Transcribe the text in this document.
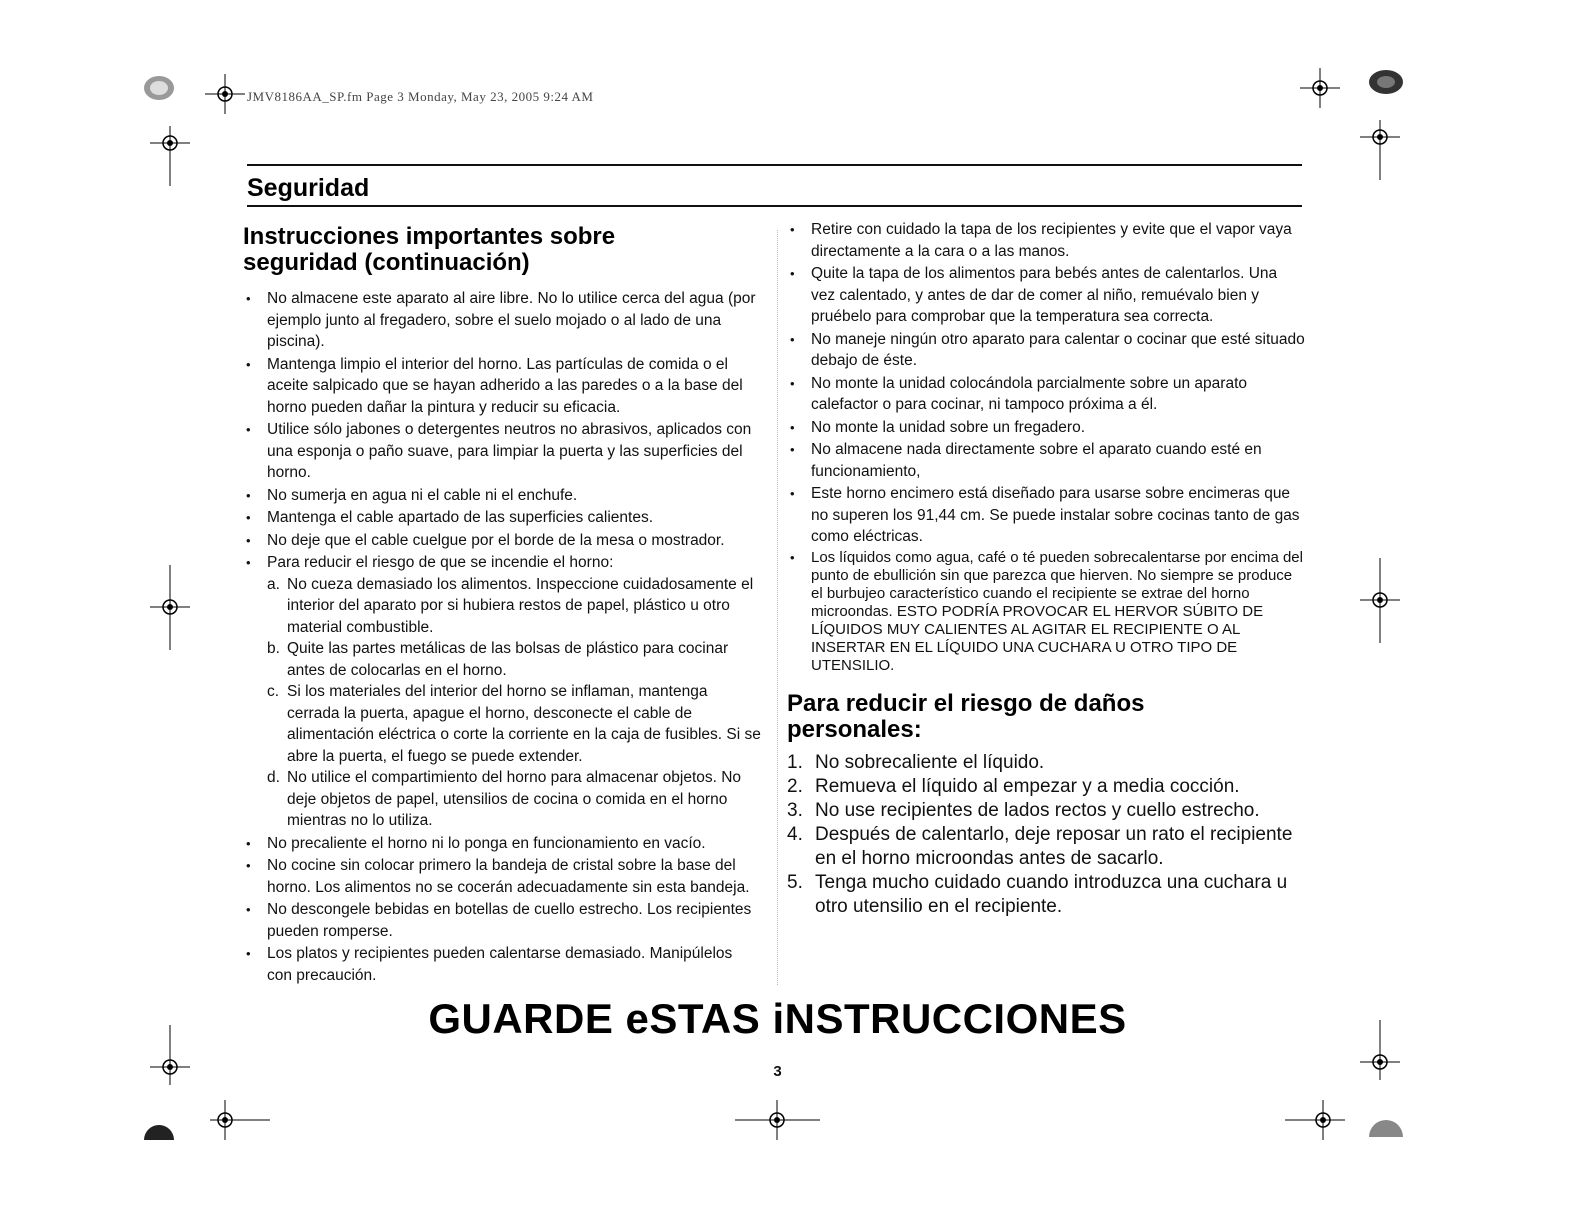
JMV8186AA_SP.fm Page 3 Monday, May 23, 2005 9:24 AM
Seguridad
Instrucciones importantes sobre
seguridad (continuación)
• No almacene este aparato al aire libre. No lo utilice cerca del agua (por ejemplo junto al fregadero, sobre el suelo mojado o al lado de una piscina).
• Mantenga limpio el interior del horno. Las partículas de comida o el aceite salpicado que se hayan adherido a las paredes o a la base del horno pueden dañar la pintura y reducir su eficacia.
• Utilice sólo jabones o detergentes neutros no abrasivos, aplicados con una esponja o paño suave, para limpiar la puerta y las superficies del horno.
• No sumerja en agua ni el cable ni el enchufe.
• Mantenga el cable apartado de las superficies calientes.
• No deje que el cable cuelgue por el borde de la mesa o mostrador.
• Para reducir el riesgo de que se incendie el horno:
a. No cueza demasiado los alimentos. Inspeccione cuidadosamente el interior del aparato por si hubiera restos de papel, plástico u otro material combustible.
b. Quite las partes metálicas de las bolsas de plástico para cocinar antes de colocarlas en el horno.
c. Si los materiales del interior del horno se inflaman, mantenga cerrada la puerta, apague el horno, desconecte el cable de alimentación eléctrica o corte la corriente en la caja de fusibles. Si se abre la puerta, el fuego se puede extender.
d. No utilice el compartimiento del horno para almacenar objetos. No deje objetos de papel, utensilios de cocina o comida en el horno mientras no lo utiliza.
• No precaliente el horno ni lo ponga en funcionamiento en vacío.
• No cocine sin colocar primero la bandeja de cristal sobre la base del horno. Los alimentos no se cocerán adecuadamente sin esta bandeja.
• No descongele bebidas en botellas de cuello estrecho. Los recipientes pueden romperse.
• Los platos y recipientes pueden calentarse demasiado. Manipúlelos con precaución.
• Retire con cuidado la tapa de los recipientes y evite que el vapor vaya directamente a la cara o a las manos.
• Quite la tapa de los alimentos para bebés antes de calentarlos. Una vez calentado, y antes de dar de comer al niño, remuévalo bien y pruébelo para comprobar que la temperatura sea correcta.
• No maneje ningún otro aparato para calentar o cocinar que esté situado debajo de éste.
• No monte la unidad colocándola parcialmente sobre un aparato calefactor o para cocinar, ni tampoco próxima a él.
• No monte la unidad sobre un fregadero.
• No almacene nada directamente sobre el aparato cuando esté en funcionamiento,
• Este horno encimero está diseñado para usarse sobre encimeras que no superen los 91,44 cm. Se puede instalar sobre cocinas tanto de gas como eléctricas.
• Los líquidos como agua, café o té pueden sobrecalentarse por encima del punto de ebullición sin que parezca que hierven. No siempre se produce el burbujeo característico cuando el recipiente se extrae del horno microondas. ESTO PODRÍA PROVOCAR EL HERVOR SÚBITO DE LÍQUIDOS MUY CALIENTES AL AGITAR EL RECIPIENTE O AL INSERTAR EN EL LÍQUIDO UNA CUCHARA U OTRO TIPO DE UTENSILIO.
Para reducir el riesgo de daños
personales:
1. No sobrecaliente el líquido.
2. Remueva el líquido al empezar y a media cocción.
3. No use recipientes de lados rectos y cuello estrecho.
4. Después de calentarlo, deje reposar un rato el recipiente en el horno microondas antes de sacarlo.
5. Tenga mucho cuidado cuando introduzca una cuchara u otro utensilio en el recipiente.
GUARDE eSTAS iNSTRUCCIONES
3
